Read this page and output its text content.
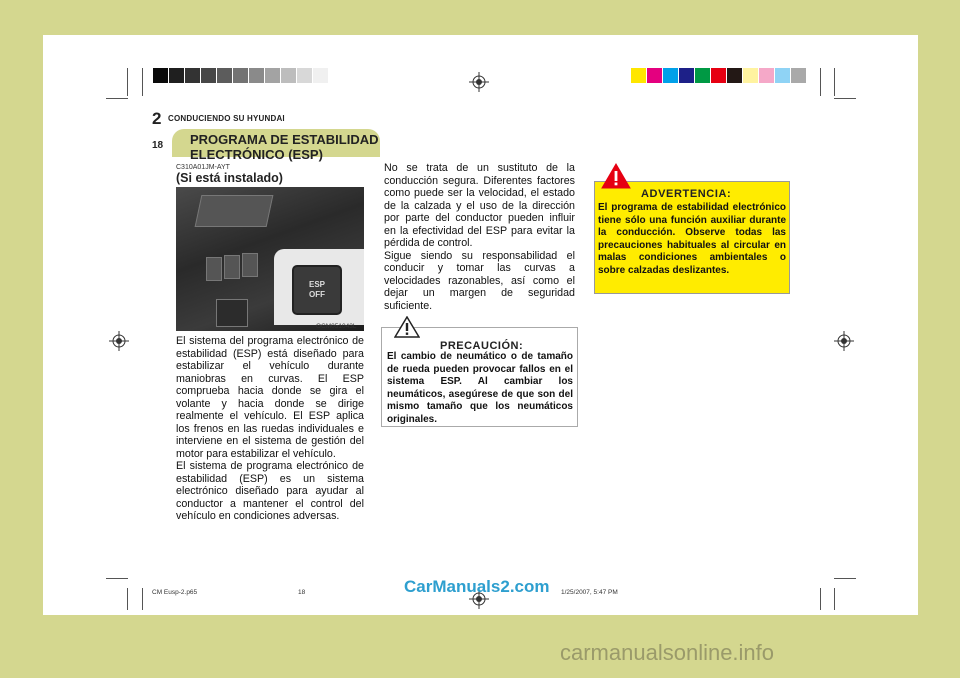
2 CONDUCIENDO SU HYUNDAI
18 PROGRAMA DE ESTABILIDAD ELECTRÓNICO (ESP)
C310A01JM-AYT
(Si está instalado)
ESP
OFF
OCM051043L

El sistema del programa electrónico de estabilidad (ESP) está diseñado para estabilizar el vehículo durante maniobras en curvas. El ESP comprueba hacia donde se gira el volante y hacia donde se dirige realmente el vehículo. El ESP aplica los frenos en las ruedas individuales e interviene en el sistema de gestión del motor para estabilizar el vehículo.

El sistema de programa electrónico de estabilidad (ESP) es un sistema electrónico diseñado para ayudar al conductor a mantener el control del vehículo en condiciones adversas.

No se trata de un sustituto de la conducción segura. Diferentes factores como puede ser la velocidad, el estado de la calzada y el uso de la dirección por parte del conductor pueden influir en la efectividad del ESP para evitar la pérdida de control.

Sigue siendo su responsabilidad el conducir y tomar las curvas a velocidades razonables, así como el dejar un margen de seguridad suficiente.

PRECAUCIÓN:
El cambio de neumático o de tamaño de rueda pueden provocar fallos en el sistema ESP. Al cambiar los neumáticos, asegúrese de que son del mismo tamaño que los neumáticos originales.
ADVERTENCIA:
El programa de estabilidad electrónico tiene sólo una función auxiliar durante la conducción. Observe todas las precauciones habituales al circular en malas condiciones ambientales o sobre calzadas deslizantes.
CM Eusp-2.p65	18	1/25/2007, 5:47 PM
CarManuals2.com
carmanualsonline.info
